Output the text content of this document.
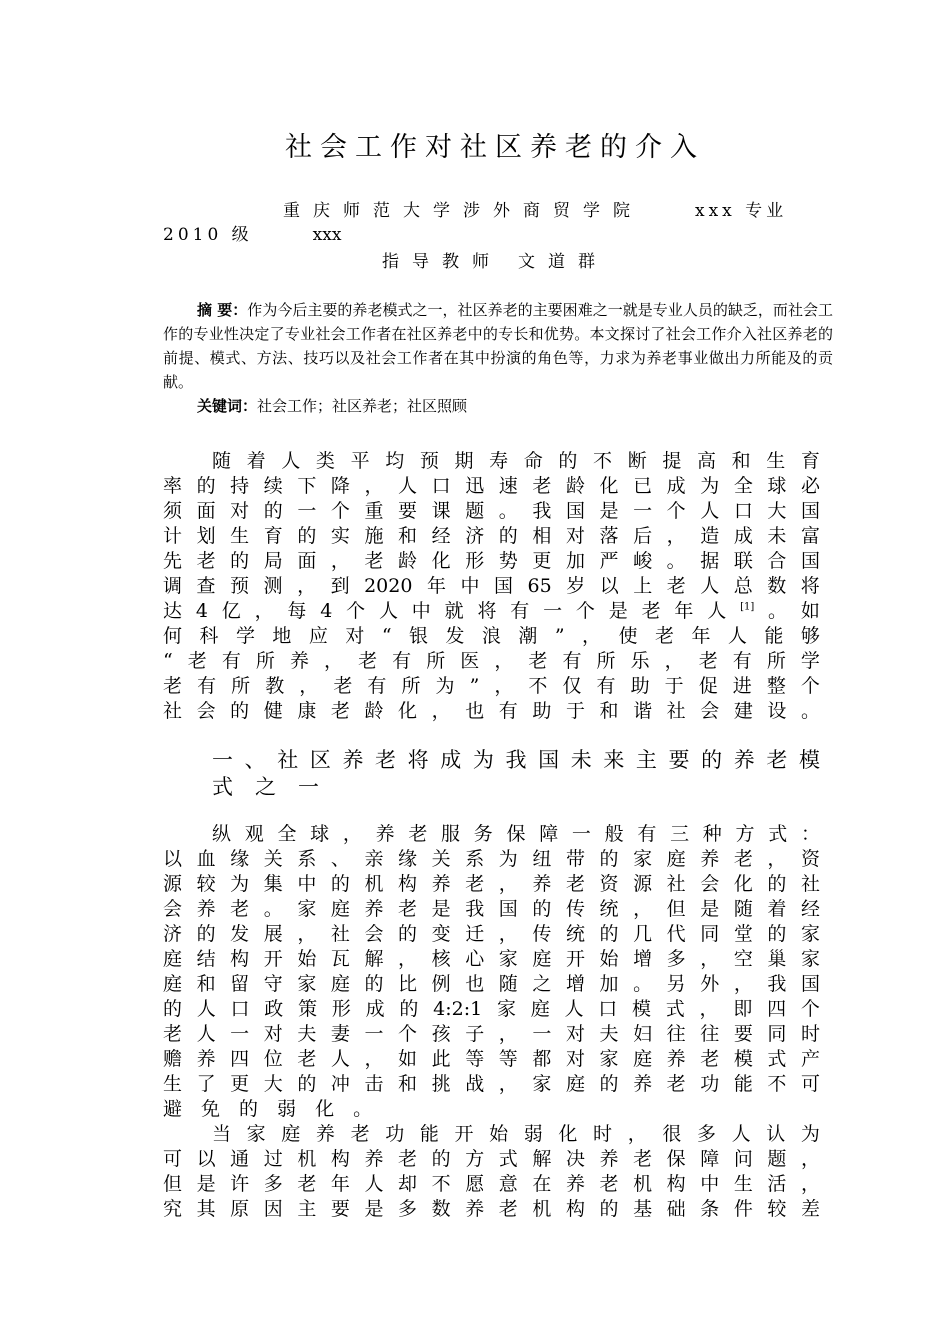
社会工作对社区养老的介入
重庆师范大学涉外商贸学院	xxx 专业
2010 级	xxx
指导教师 文道群

摘 要：作为今后主要的养老模式之一，社区养老的主要困难之一就是专业人员的缺乏，而社会工作的专业性决定了专业社会工作者在社区养老中的专长和优势。本文探讨了社会工作介入社区养老的前提、模式、方法、技巧以及社会工作者在其中扮演的角色等，力求为养老事业做出力所能及的贡献。

关键词：社会工作；社区养老；社区照顾

随 着 人 类 平 均 预 期 寿 命 的 不 断 提 高 和 生 育
率 的 持 续 下 降 ， 人 口 迅 速 老 龄 化 已 成 为 全 球 必
须 面 对 的 一 个 重 要 课 题 。 我 国 是 一 个 人 口 大 国
计 划 生 育 的 实 施 和 经 济 的 相 对 落 后 ， 造 成 未 富
先 老 的 局 面 ， 老 龄 化 形 势 更 加 严 峻 。 据 联 合 国
调 查 预 测 ， 到 2020 年 中 国 65 岁 以 上 老 人 总 数 将
达 4 亿 ， 每 4 个 人 中 就 将 有 一 个 是 老 年 人 [1] 。 如
何 科 学 地 应 对 “ 银 发 浪 潮 ” ， 使 老 年 人 能 够
“ 老 有 所 养 ， 老 有 所 医 ， 老 有 所 乐 ， 老 有 所 学
老 有 所 教 ， 老 有 所 为 ” ， 不 仅 有 助 于 促 进 整 个
社 会 的 健 康 老 龄 化 ， 也 有 助 于 和 谐 社 会 建 设 。
一 、 社 区 养 老 将 成 为 我 国 未 来 主 要 的 养 老 模
式 之 一
纵 观 全 球 ， 养 老 服 务 保 障 一 般 有 三 种 方 式 ：
以 血 缘 关 系 、 亲 缘 关 系 为 纽 带 的 家 庭 养 老 ， 资
源 较 为 集 中 的 机 构 养 老 ， 养 老 资 源 社 会 化 的 社
会 养 老 。 家 庭 养 老 是 我 国 的 传 统 ， 但 是 随 着 经
济 的 发 展 ， 社 会 的 变 迁 ， 传 统 的 几 代 同 堂 的 家
庭 结 构 开 始 瓦 解 ， 核 心 家 庭 开 始 增 多 ， 空 巢 家
庭 和 留 守 家 庭 的 比 例 也 随 之 增 加 。 另 外 ， 我 国
的 人 口 政 策 形 成 的 4:2:1 家 庭 人 口 模 式 ， 即 四 个
老 人 一 对 夫 妻 一 个 孩 子 ， 一 对 夫 妇 往 往 要 同 时
赡 养 四 位 老 人 ， 如 此 等 等 都 对 家 庭 养 老 模 式 产
生 了 更 大 的 冲 击 和 挑 战 ， 家 庭 的 养 老 功 能 不 可
避 免 的 弱 化 。
当 家 庭 养 老 功 能 开 始 弱 化 时 ， 很 多 人 认 为
可 以 通 过 机 构 养 老 的 方 式 解 决 养 老 保 障 问 题 ，
但 是 许 多 老 年 人 却 不 愿 意 在 养 老 机 构 中 生 活 ，
究 其 原 因 主 要 是 多 数 养 老 机 构 的 基 础 条 件 较 差
